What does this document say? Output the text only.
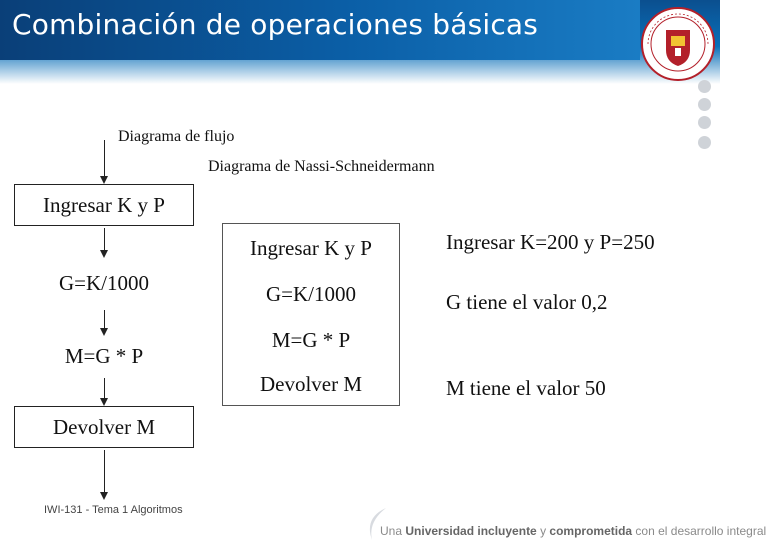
Combinación de operaciones básicas
Diagrama de flujo
Diagrama de Nassi-Schneidermann
Ingresar K y P
G=K/1000
M=G * P
Devolver M
Ingresar K y P
G=K/1000
M=G * P
Devolver M
Ingresar K=200 y P=250
G tiene el valor 0,2
M tiene el valor 50
IWI-131 - Tema 1 Algoritmos
Una Universidad incluyente y comprometida con el desarrollo integral
